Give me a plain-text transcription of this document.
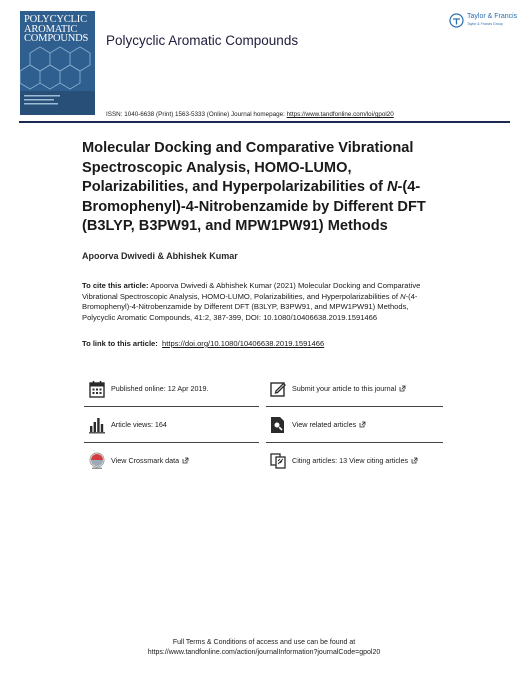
POLYCYCLIC
AROMATIC
COMPOUNDS	Polycyclic Aromatic Compounds
Taylor & Francis
Taylor & Francis Group
ISSN: 1040-6638 (Print) 1563-5333 (Online) Journal homepage: https://www.tandfonline.com/loi/gpol20
Molecular Docking and Comparative Vibrational
Spectroscopic Analysis, HOMO-LUMO,
Polarizabilities, and Hyperpolarizabilities of N-(4-
Bromophenyl)-4-Nitrobenzamide by Different DFT
(B3LYP, B3PW91, and MPW1PW91) Methods
Apoorva Dwivedi & Abhishek Kumar
To cite this article: Apoorva Dwivedi & Abhishek Kumar (2021) Molecular Docking and Comparative Vibrational Spectroscopic Analysis, HOMO-LUMO, Polarizabilities, and Hyperpolarizabilities of N-(4-Bromophenyl)-4-Nitrobenzamide by Different DFT (B3LYP, B3PW91, and MPW1PW91) Methods, Polycyclic Aromatic Compounds, 41:2, 387-399, DOI: 10.1080/10406638.2019.1591466
To link to this article: https://doi.org/10.1080/10406638.2019.1591466
Published online: 12 Apr 2019.	Submit your article to this journal
Article views: 164	View related articles
View Crossmark data	Citing articles: 13 View citing articles
Full Terms & Conditions of access and use can be found at
https://www.tandfonline.com/action/journalInformation?journalCode=gpol20
